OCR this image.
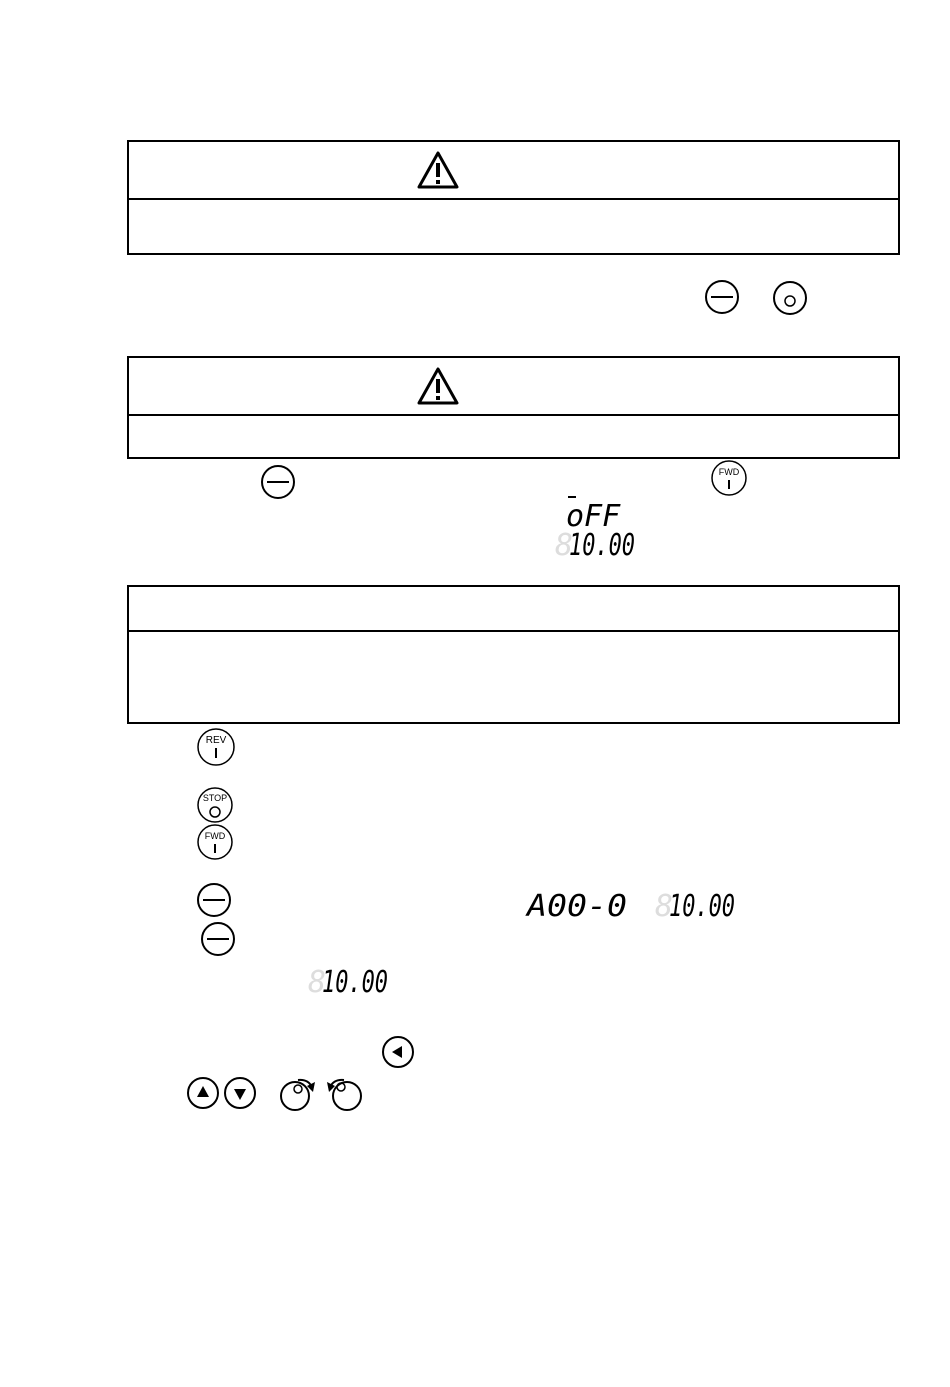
FWD
oFF
8
10.00
REV
STOP
FWD
A00-0 8
10.00
8
10.00
